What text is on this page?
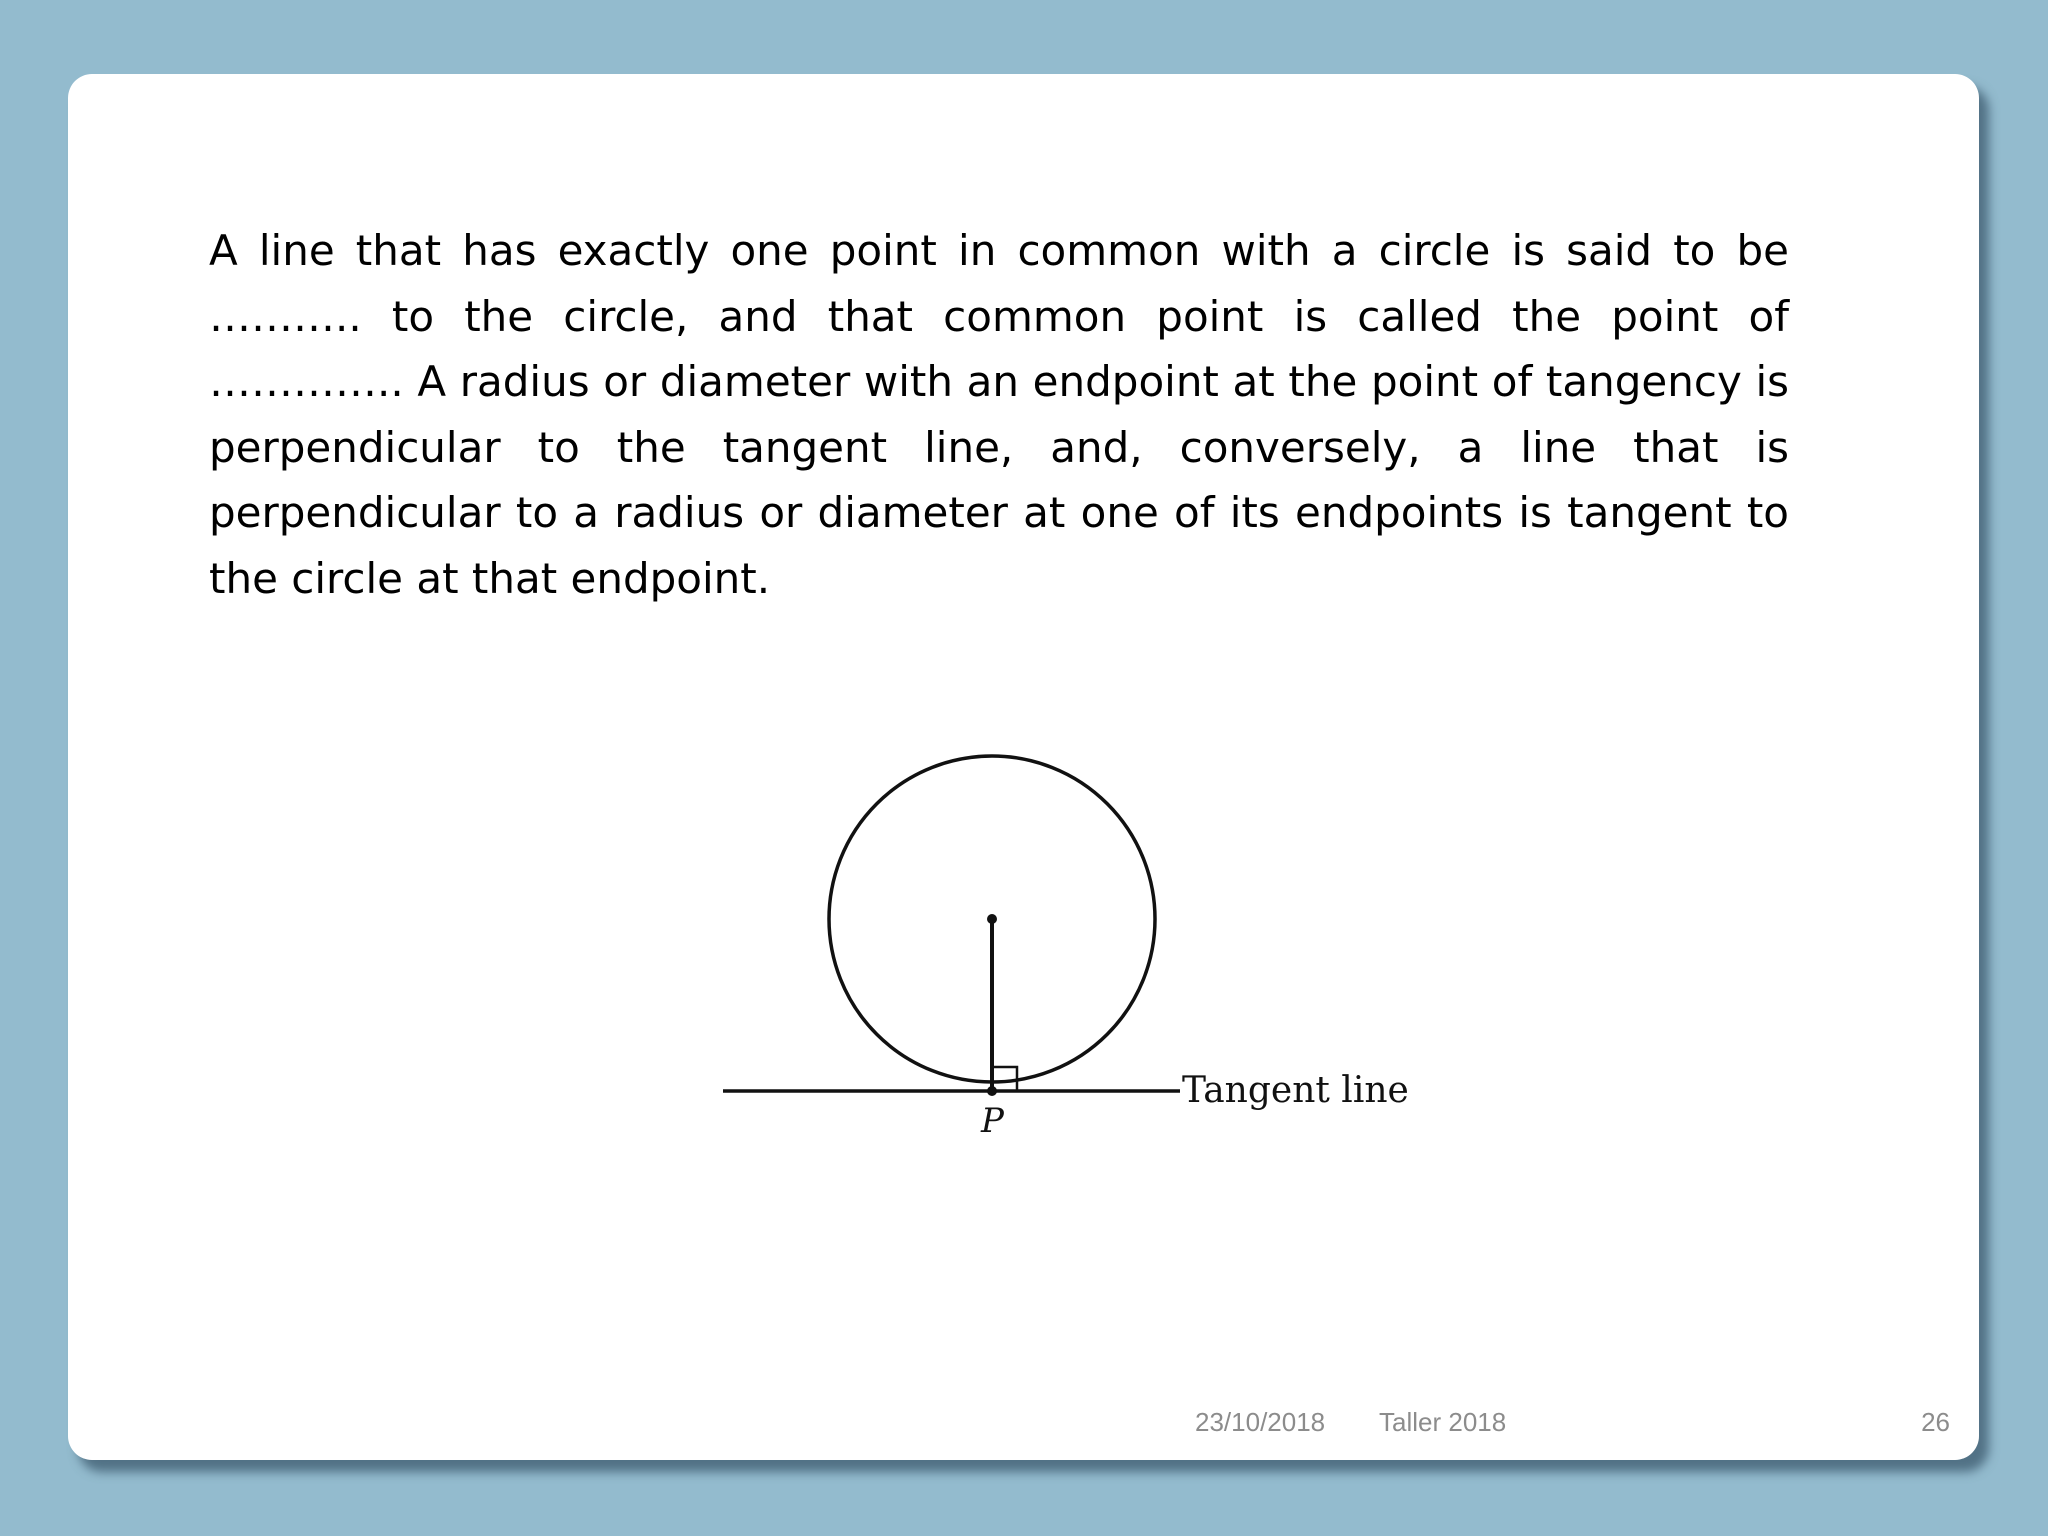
A line that has exactly one point in common with a circle is said to be ……….. to the circle, and that common point is called the point of ………….. A radius or diameter with an endpoint at the point of tangency is perpendicular to the tangent line, and, conversely, a line that is perpendicular to a radius or diameter at one of its endpoints is tangent to the circle at that endpoint.

Tangent line
P
23/10/2018 Taller 2018	26
